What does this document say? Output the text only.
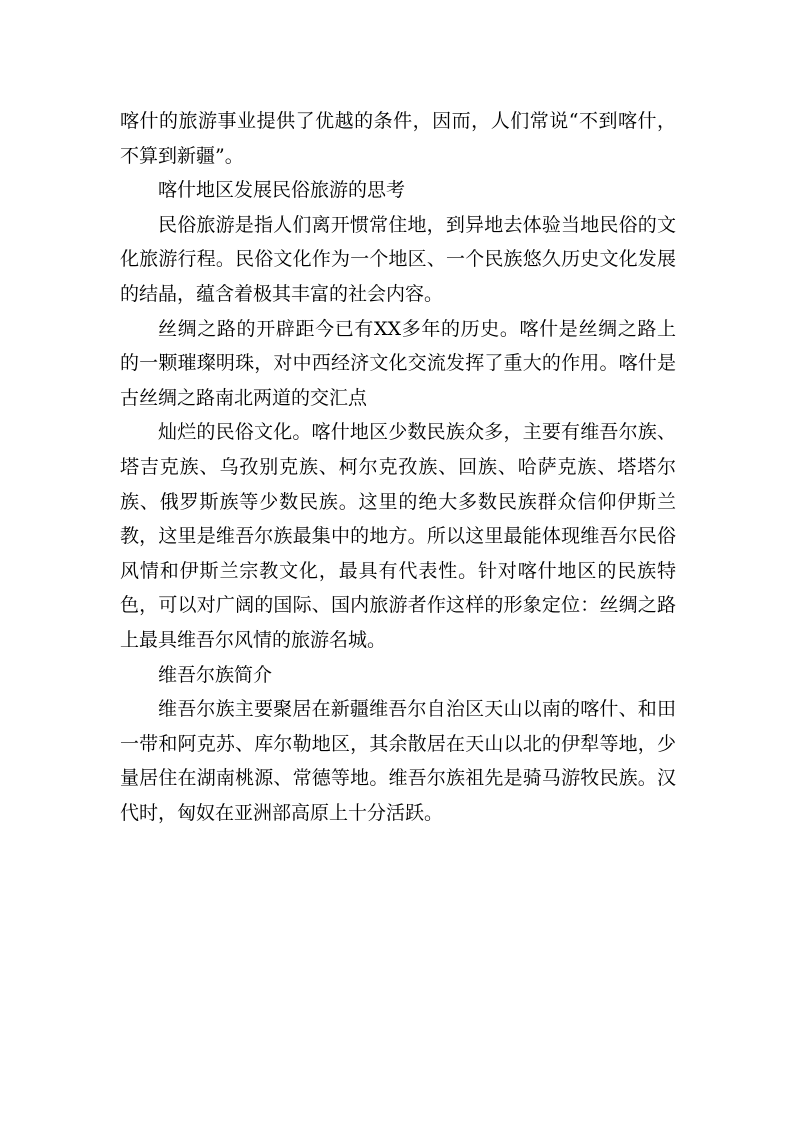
喀什的旅游事业提供了优越的条件，因而，人们常说“不到喀什，不算到新疆”。

喀什地区发展民俗旅游的思考

民俗旅游是指人们离开惯常住地，到异地去体验当地民俗的文化旅游行程。民俗文化作为一个地区、一个民族悠久历史文化发展的结晶，蕴含着极其丰富的社会内容。

丝绸之路的开辟距今已有XX多年的历史。喀什是丝绸之路上的一颗璀璨明珠，对中西经济文化交流发挥了重大的作用。喀什是古丝绸之路南北两道的交汇点

灿烂的民俗文化。喀什地区少数民族众多，主要有维吾尔族、塔吉克族、乌孜别克族、柯尔克孜族、回族、哈萨克族、塔塔尔族、俄罗斯族等少数民族。这里的绝大多数民族群众信仰伊斯兰教，这里是维吾尔族最集中的地方。所以这里最能体现维吾尔民俗风情和伊斯兰宗教文化，最具有代表性。针对喀什地区的民族特色，可以对广阔的国际、国内旅游者作这样的形象定位：丝绸之路上最具维吾尔风情的旅游名城。

维吾尔族简介

维吾尔族主要聚居在新疆维吾尔自治区天山以南的喀什、和田一带和阿克苏、库尔勒地区，其余散居在天山以北的伊犁等地，少量居住在湖南桃源、常德等地。维吾尔族祖先是骑马游牧民族。汉代时，匈奴在亚洲部高原上十分活跃。
